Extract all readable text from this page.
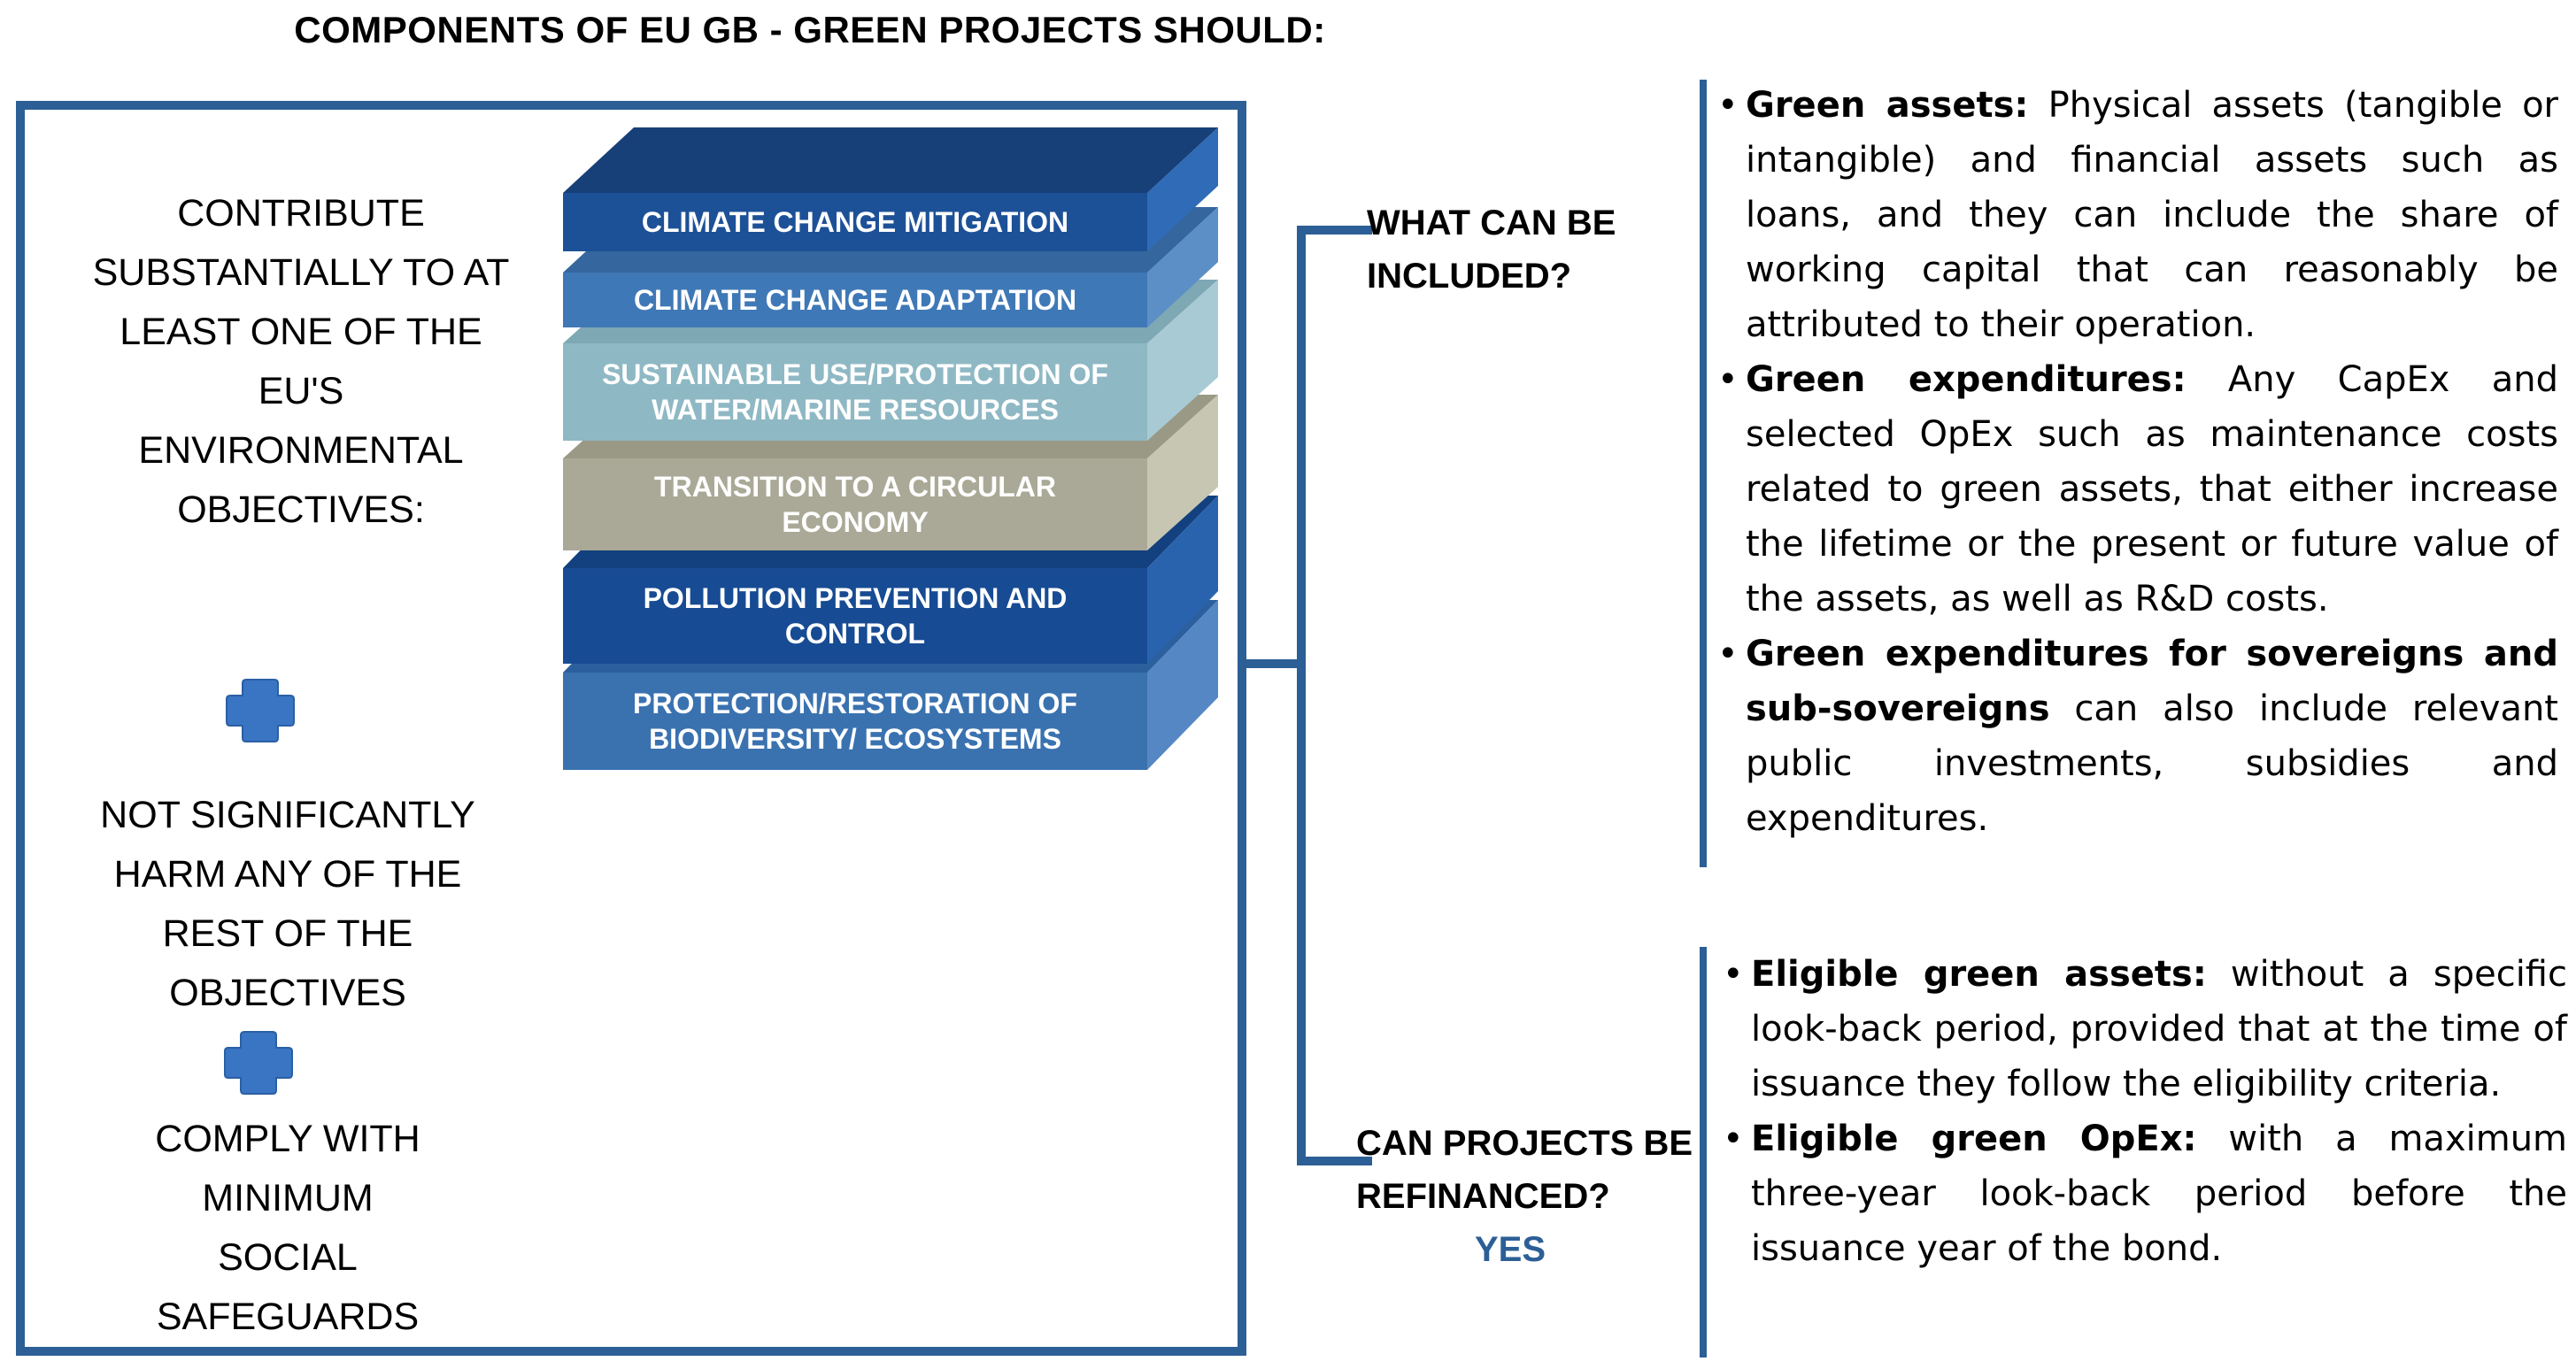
COMPONENTS OF EU GB - GREEN PROJECTS SHOULD:
CONTRIBUTE
SUBSTANTIALLY TO AT
LEAST ONE OF THE
EU'S
ENVIRONMENTAL
OBJECTIVES:
NOT SIGNIFICANTLY
HARM ANY OF THE
REST OF THE
OBJECTIVES
COMPLY WITH
MINIMUM
SOCIAL
SAFEGUARDS
CLIMATE CHANGE MITIGATION
CLIMATE CHANGE ADAPTATION
SUSTAINABLE USE/PROTECTION OF
WATER/MARINE RESOURCES
TRANSITION TO A CIRCULAR
ECONOMY
POLLUTION PREVENTION AND
CONTROL
PROTECTION/RESTORATION OF
BIODIVERSITY/ ECOSYSTEMS
WHAT CAN BE
INCLUDED?
CAN PROJECTS BE
REFINANCED?
YES
• Green assets: Physical assets (tangible or intangible) and financial assets such as loans, and they can include the share of working capital that can reasonably be attributed to their operation.
• Green expenditures: Any CapEx and selected OpEx such as maintenance costs related to green assets, that either increase the lifetime or the present or future value of the assets, as well as R&D costs.
• Green expenditures for sovereigns and sub-sovereigns can also include relevant public investments, subsidies and expenditures.
• Eligible green assets: without a specific look-back period, provided that at the time of issuance they follow the eligibility criteria.
• Eligible green OpEx: with a maximum three-year look-back period before the issuance year of the bond.
